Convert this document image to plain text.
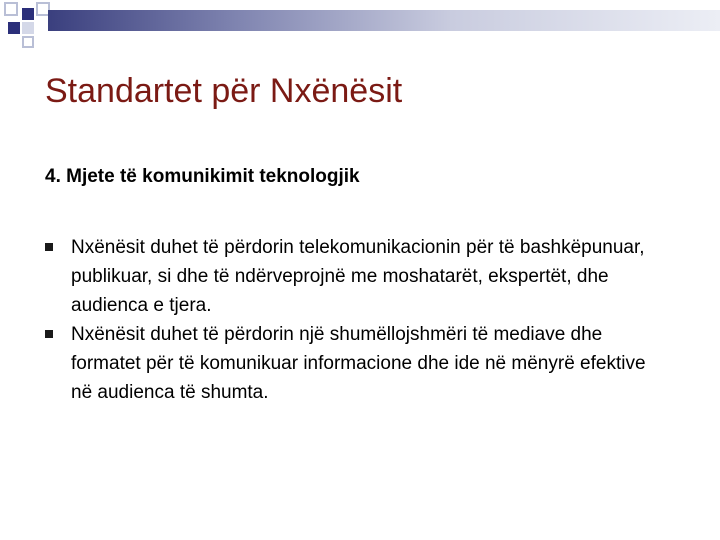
Standartet për Nxënësit
4. Mjete të komunikimit teknologjik
Nxënësit duhet të përdorin telekomunikacionin për të bashkëpunuar, publikuar, si dhe të ndërveprojnë me moshatarët, ekspertët, dhe audienca e tjera.
Nxënësit duhet të përdorin një shumëllojshmëri të mediave dhe formatet për të komunikuar informacione dhe ide në mënyrë efektive në audienca të shumta.
